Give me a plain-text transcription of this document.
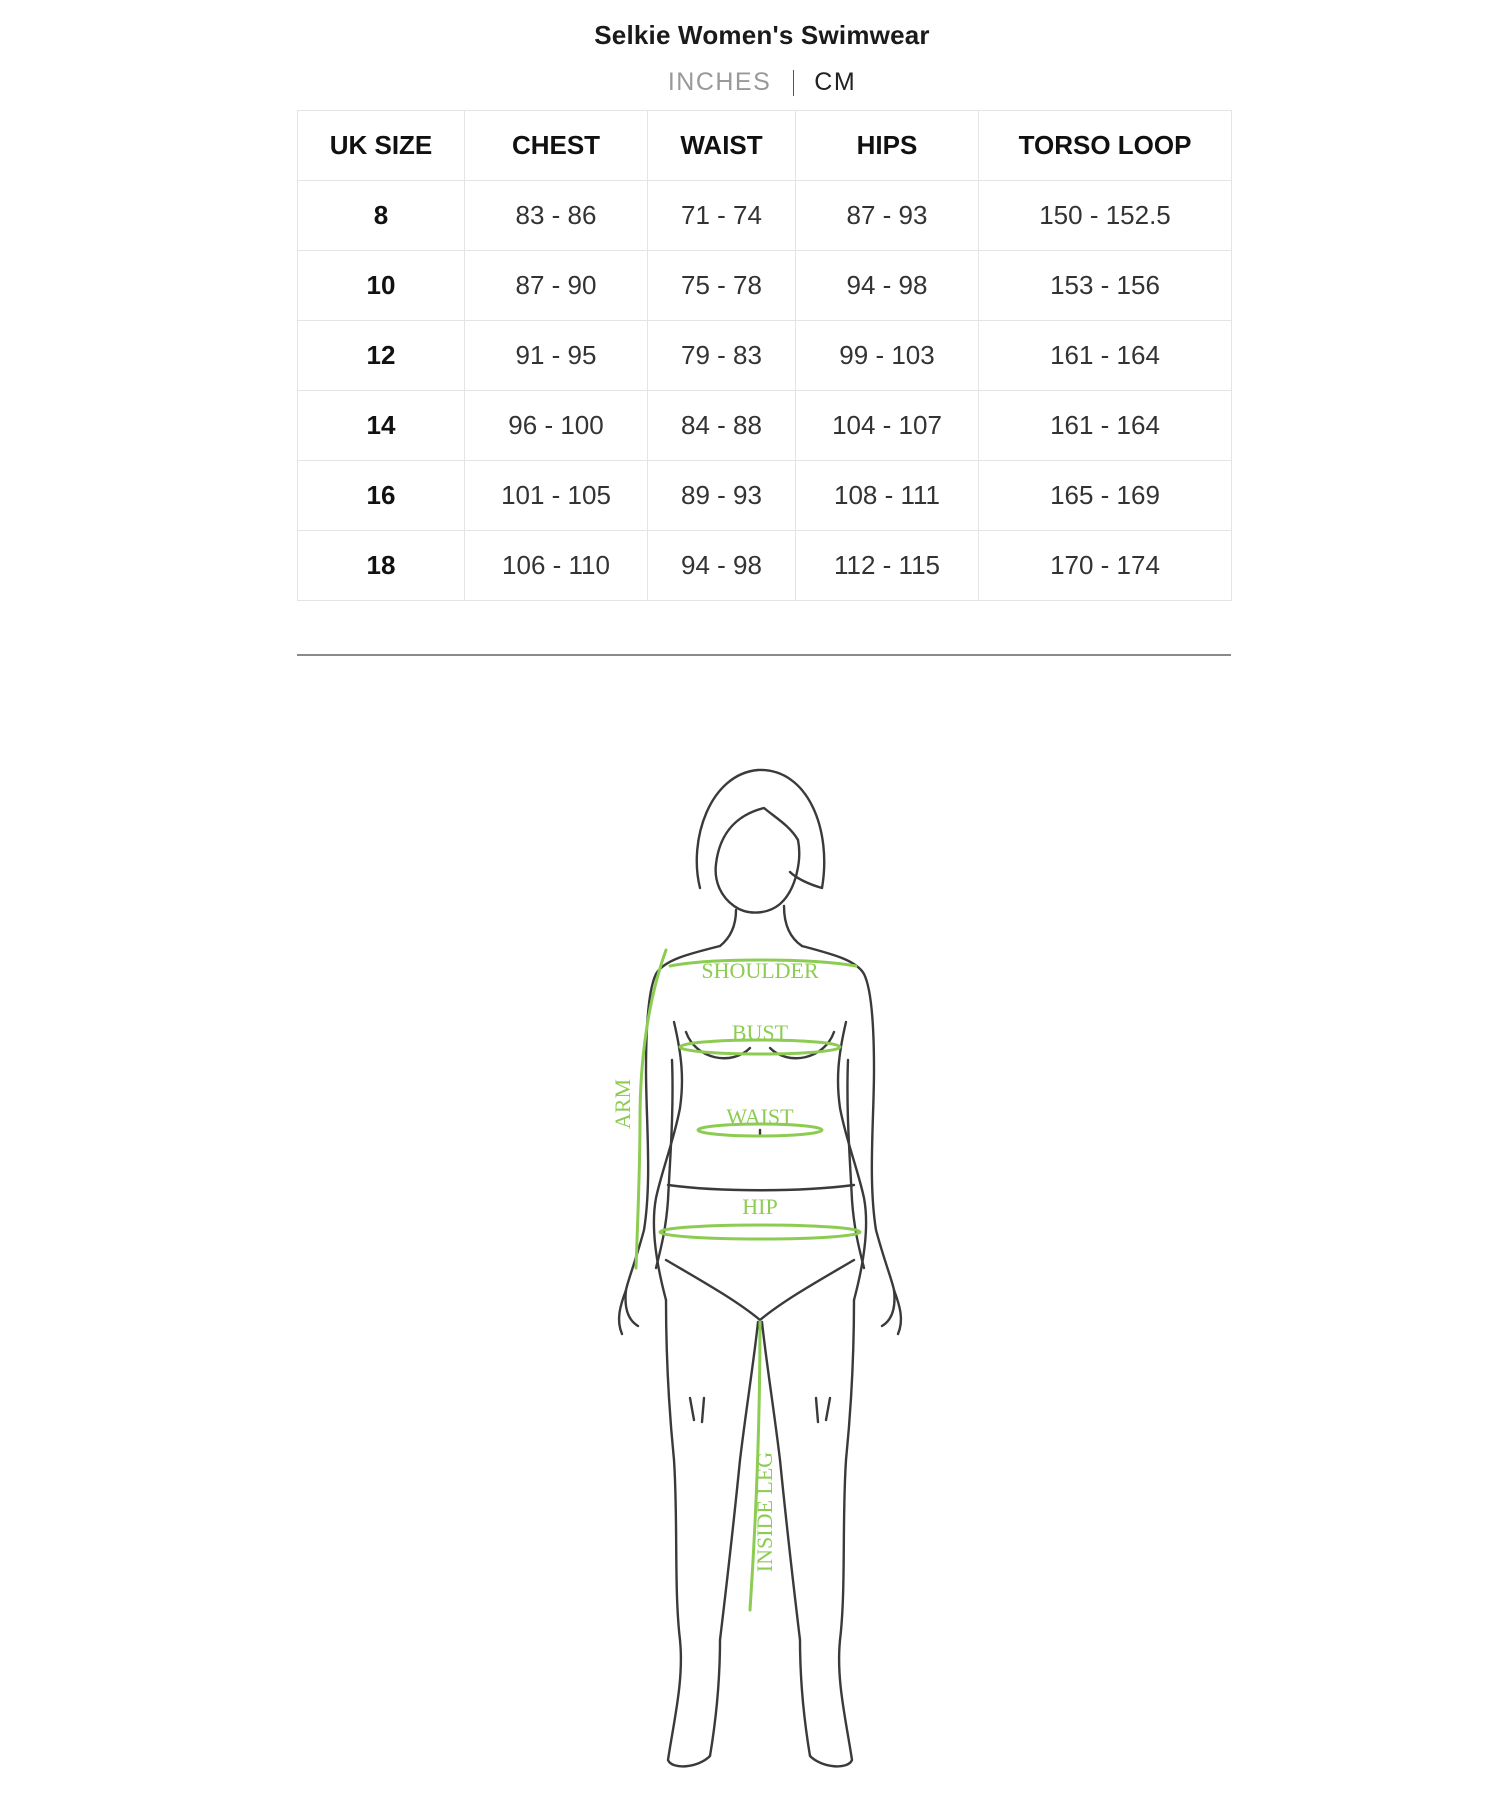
Selkie Women's Swimwear
INCHES CM
UK SIZE	CHEST	WAIST	HIPS	TORSO LOOP
8	83 - 86	71 - 74	87 - 93	150 - 152.5
10	87 - 90	75 - 78	94 - 98	153 - 156
12	91 - 95	79 - 83	99 - 103	161 - 164
14	96 - 100	84 - 88	104 - 107	161 - 164
16	101 - 105	89 - 93	108 - 111	165 - 169
18	106 - 110	94 - 98	112 - 115	170 - 174
SHOULDER
BUST
WAIST
HIP
ARM
INSIDE LEG
